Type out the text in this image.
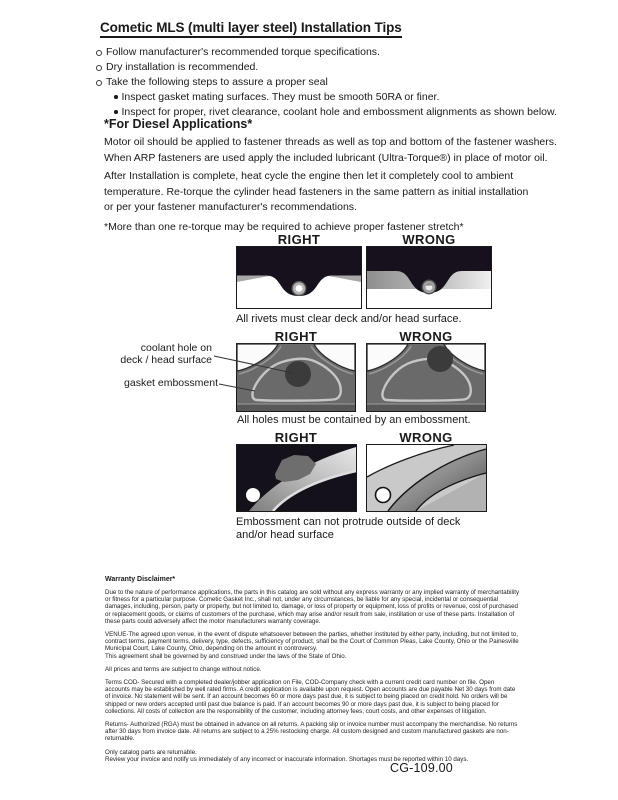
Cometic MLS (multi layer steel) Installation Tips
Follow manufacturer's recommended torque specifications.
Dry installation is recommended.
Take the following steps to assure a proper seal
Inspect gasket mating surfaces. They must be smooth 50RA or finer.
Inspect for proper, rivet clearance, coolant hole and embossment alignments as shown below.
*For Diesel Applications*
Motor oil should be applied to fastener threads as well as top and bottom of the fastener washers.
When ARP fasteners are used apply the included lubricant (Ultra-Torque®) in place of motor oil.
After Installation is complete, heat cycle the engine then let it completely cool to ambient
temperature. Re-torque the cylinder head fasteners in the same pattern as initial installation
or per your fastener manufacturer's recommendations.
*More than one re-torque may be required to achieve proper fastener stretch*
RIGHT	WRONG
All rivets must clear deck and/or head surface.
RIGHT	WRONG
All holes must be contained by an embossment.
coolant hole on
deck / head surface
gasket embossment
RIGHT	WRONG
Embossment can not protrude outside of deck
and/or head surface
Warranty Disclaimer*

Due to the nature of performance applications, the parts in this catalog are sold without any express warranty or any implied warranty of merchantability or fitness for a particular purpose. Cometic Gasket Inc., shall not, under any circumstances, be liable for any special, incidental or consequential damages, including, person, party or property, but not limited to, damage, or loss of property or equipment, loss of profits or revenue, cost of purchased or replacement goods, or claims of customers of the purchase, which may arise and/or result from sale, instillation or use of these parts. Installation of these parts could adversely affect the motor manufacturers warranty coverage.

VENUE-The agreed upon venue, in the event of dispute whatsoever between the parties, whether instituted by either party, including, but not limited to, contract terms, payment terms, delivery, type, defects, sufficiency of product, shall be the Court of Common Pleas, Lake County, Ohio or the Painesville Municipal Court, Lake County, Ohio, depending on the amount in controversy.
This agreement shall be governed by and construed under the laws of the State of Ohio.

All prices and terms are subject to change without notice.

Terms COD- Secured with a completed dealer/jobber application on File, COD-Company check with a current credit card number on file. Open accounts may be established by well rated firms. A credit application is available upon request. Open accounts are due payable Net 30 days from date of invoice. No statement will be sent. If an account becomes 60 or more days past due, it is subject to being placed on credit hold. No orders will be shipped or new orders accepted until past due balance is paid. If an account becomes 90 or more days past due, it is subject to being placed for collections. All costs of collection are the responsibility of the customer, including attorney fees, court costs, and other expenses of litigation.

Returns- Authorized (RGA) must be obtained in advance on all returns. A packing slip or invoice number must accompany the merchandise. No returns after 30 days from invoice date. All returns are subject to a 25% restocking charge. All custom designed and custom manufactured gaskets are non-returnable.

Only catalog parts are returnable.
Review your invoice and notify us immediately of any incorrect or inaccurate information. Shortages must be reported within 10 days.

CG-109.00
